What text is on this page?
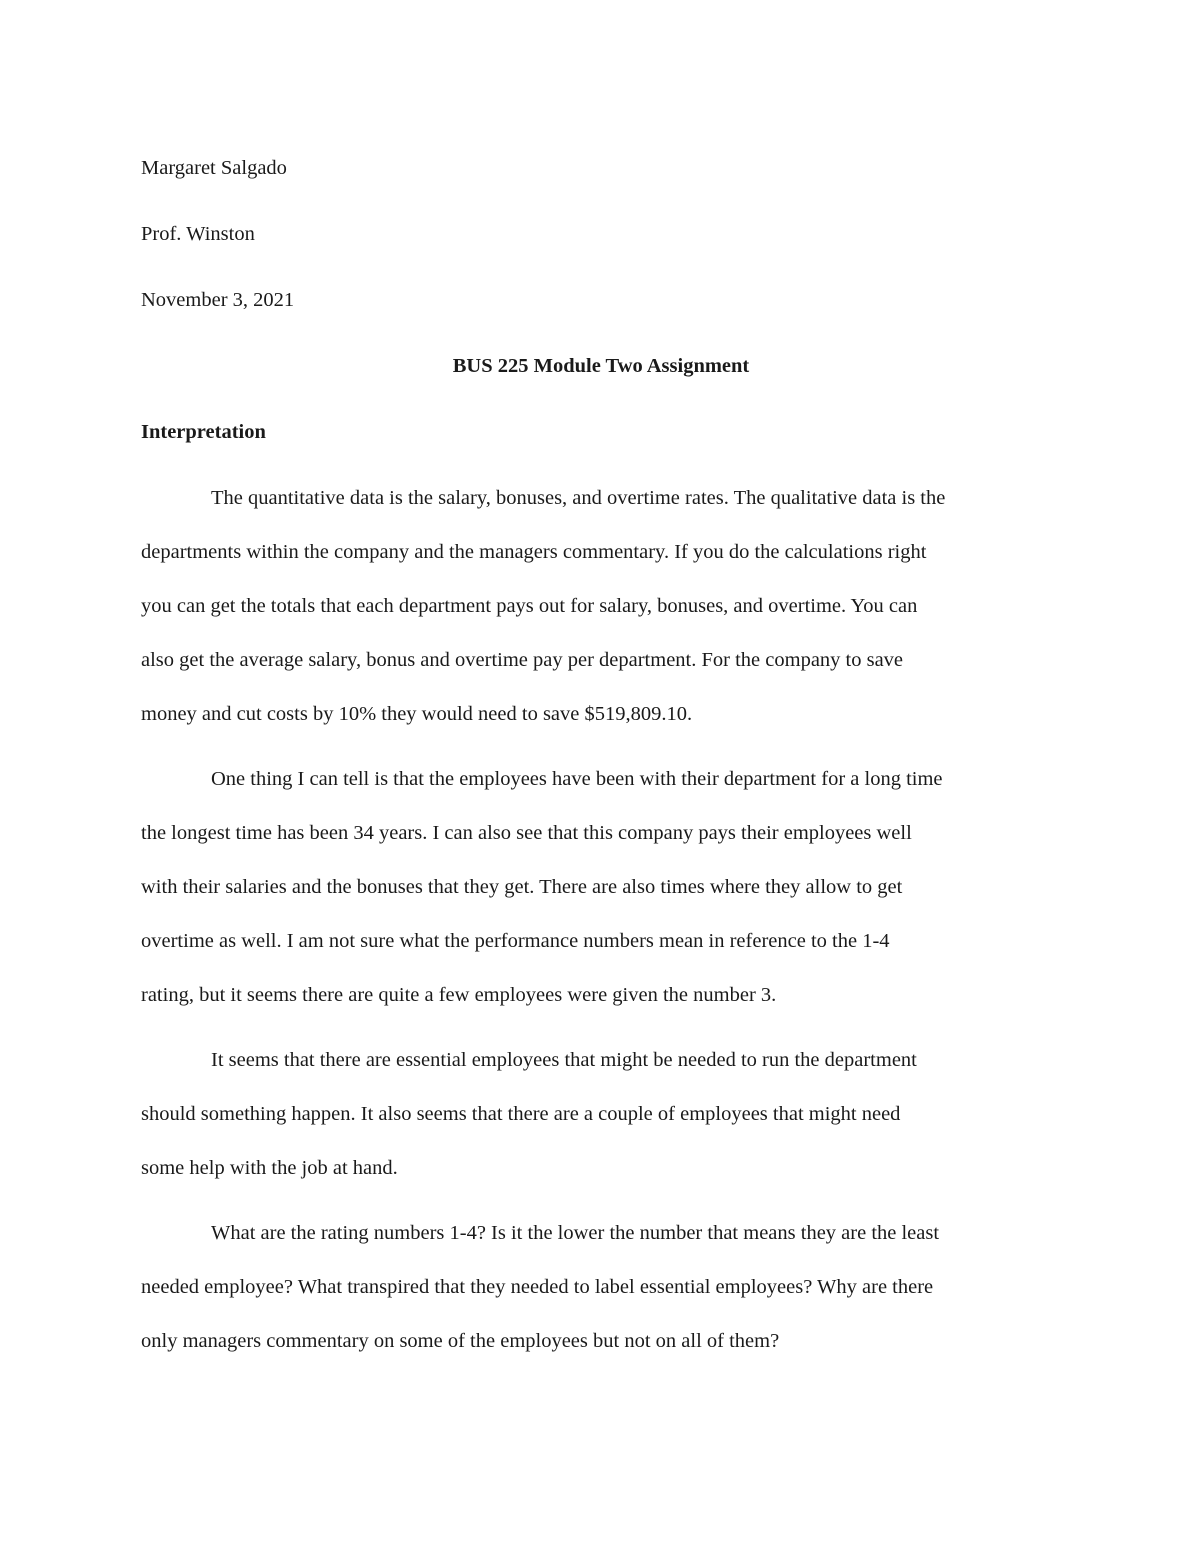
Margaret Salgado
Prof. Winston
November 3, 2021
BUS 225 Module Two Assignment
Interpretation
The quantitative data is the salary, bonuses, and overtime rates. The qualitative data is the
departments within the company and the managers commentary. If you do the calculations right
you can get the totals that each department pays out for salary, bonuses, and overtime. You can
also get the average salary, bonus and overtime pay per department. For the company to save
money and cut costs by 10% they would need to save $519,809.10.
One thing I can tell is that the employees have been with their department for a long time
the longest time has been 34 years. I can also see that this company pays their employees well
with their salaries and the bonuses that they get. There are also times where they allow to get
overtime as well. I am not sure what the performance numbers mean in reference to the 1-4
rating, but it seems there are quite a few employees were given the number 3.
It seems that there are essential employees that might be needed to run the department
should something happen. It also seems that there are a couple of employees that might need
some help with the job at hand.
What are the rating numbers 1-4? Is it the lower the number that means they are the least
needed employee? What transpired that they needed to label essential employees? Why are there
only managers commentary on some of the employees but not on all of them?
